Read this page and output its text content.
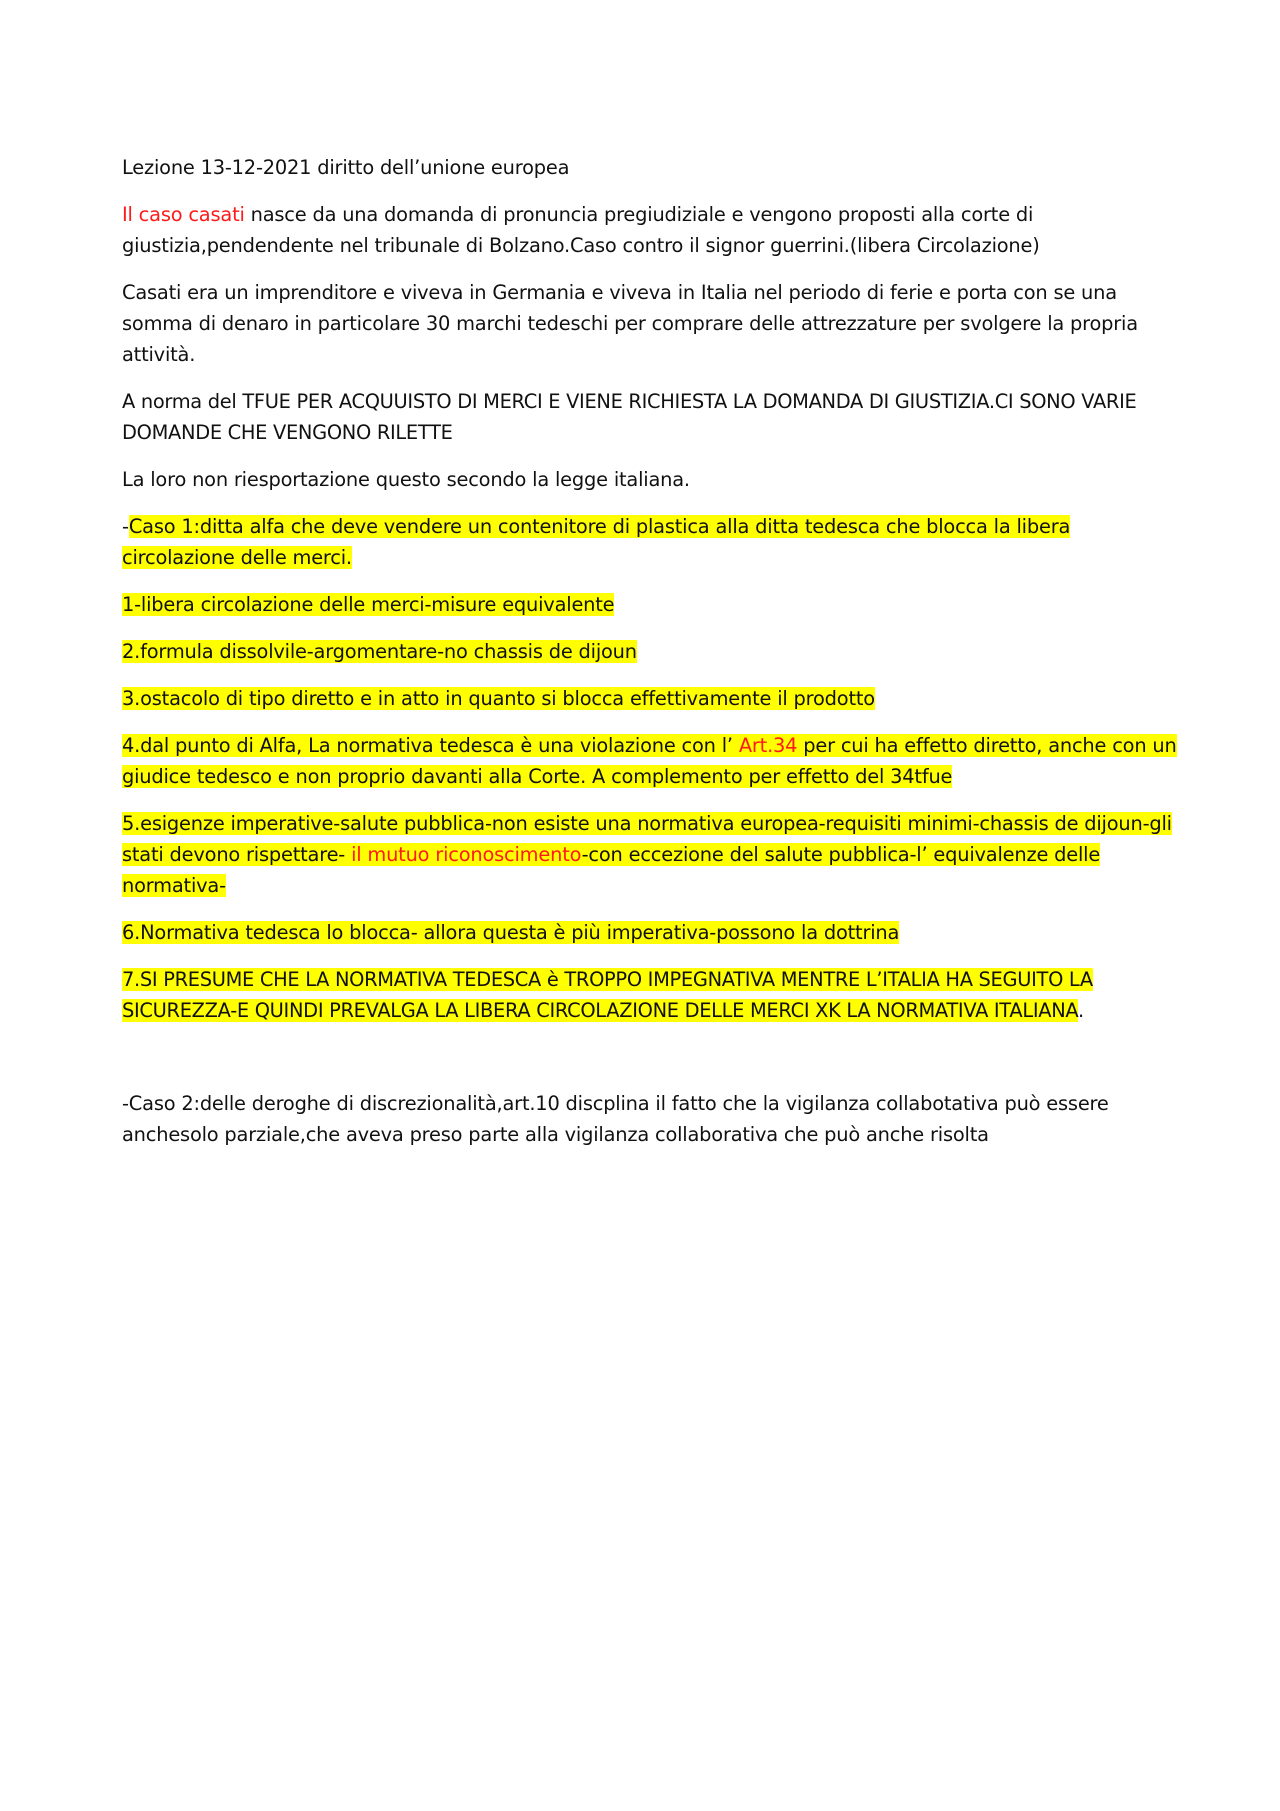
Lezione 13-12-2021 diritto dell’unione europea

Il caso casati nasce da una domanda di pronuncia pregiudiziale e vengono proposti alla corte di giustizia,pendendente nel tribunale di Bolzano.Caso contro il signor guerrini.(libera Circolazione)

Casati era un imprenditore e viveva in Germania e viveva in Italia nel periodo di ferie e porta con se una somma di denaro in particolare 30 marchi tedeschi per comprare delle attrezzature per svolgere la propria attività.

A norma del TFUE PER ACQUUISTO DI MERCI E VIENE RICHIESTA LA DOMANDA DI GIUSTIZIA.CI SONO VARIE DOMANDE CHE VENGONO RILETTE

La loro non riesportazione questo secondo la legge italiana.

-Caso 1:ditta alfa che deve vendere un contenitore di plastica alla ditta tedesca che blocca la libera circolazione delle merci.

1-libera circolazione delle merci-misure equivalente

2.formula dissolvile-argomentare-no chassis de dijoun

3.ostacolo di tipo diretto e in atto in quanto si blocca effettivamente il prodotto

4.dal punto di Alfa, La normativa tedesca è una violazione con l’ Art.34 per cui ha effetto diretto, anche con un giudice tedesco e non proprio davanti alla Corte. A complemento per effetto del 34tfue

5.esigenze imperative-salute pubblica-non esiste una normativa europea-requisiti minimi-chassis de dijoun-gli stati devono rispettare- il mutuo riconoscimento-con eccezione del salute pubblica-l’ equivalenze delle normativa-

6.Normativa tedesca lo blocca- allora questa è più imperativa-possono la dottrina

7.SI PRESUME CHE LA NORMATIVA TEDESCA è TROPPO IMPEGNATIVA MENTRE L’ITALIA HA SEGUITO LA SICUREZZA-E QUINDI PREVALGA LA LIBERA CIRCOLAZIONE DELLE MERCI XK LA NORMATIVA ITALIANA.

-Caso 2:delle deroghe di discrezionalità,art.10 discplina il fatto che la vigilanza collabotativa può essere anchesolo parziale,che aveva preso parte alla vigilanza collaborativa che può anche risolta
